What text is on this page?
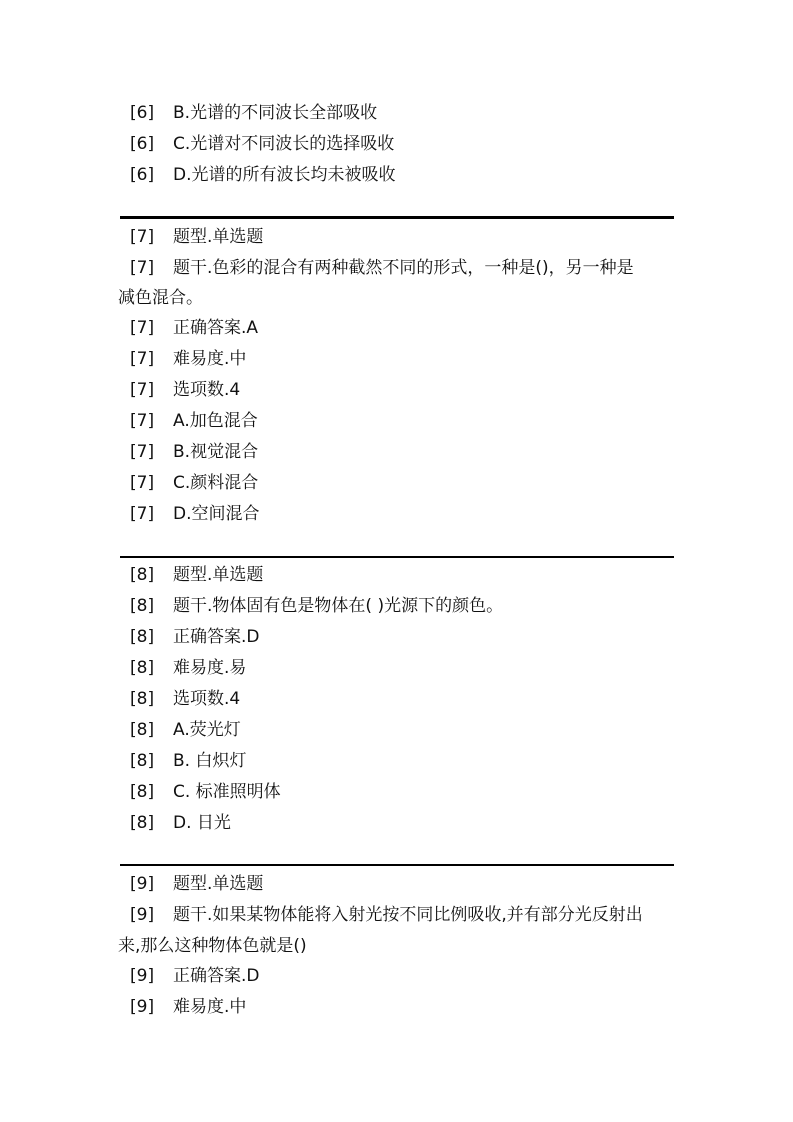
[6] B.光谱的不同波长全部吸收
[6] C.光谱对不同波长的选择吸收
[6] D.光谱的所有波长均未被吸收
[7] 题型.单选题
[7] 题干.色彩的混合有两种截然不同的形式，一种是()，另一种是
减色混合。
[7] 正确答案.A
[7] 难易度.中
[7] 选项数.4
[7] A.加色混合
[7] B.视觉混合
[7] C.颜料混合
[7] D.空间混合
[8] 题型.单选题
[8] 题干.物体固有色是物体在( )光源下的颜色。
[8] 正确答案.D
[8] 难易度.易
[8] 选项数.4
[8] A.荧光灯
[8] B. 白炽灯
[8] C. 标准照明体
[8] D. 日光
[9] 题型.单选题
[9] 题干.如果某物体能将入射光按不同比例吸收,并有部分光反射出
来,那么这种物体色就是()
[9] 正确答案.D
[9] 难易度.中
